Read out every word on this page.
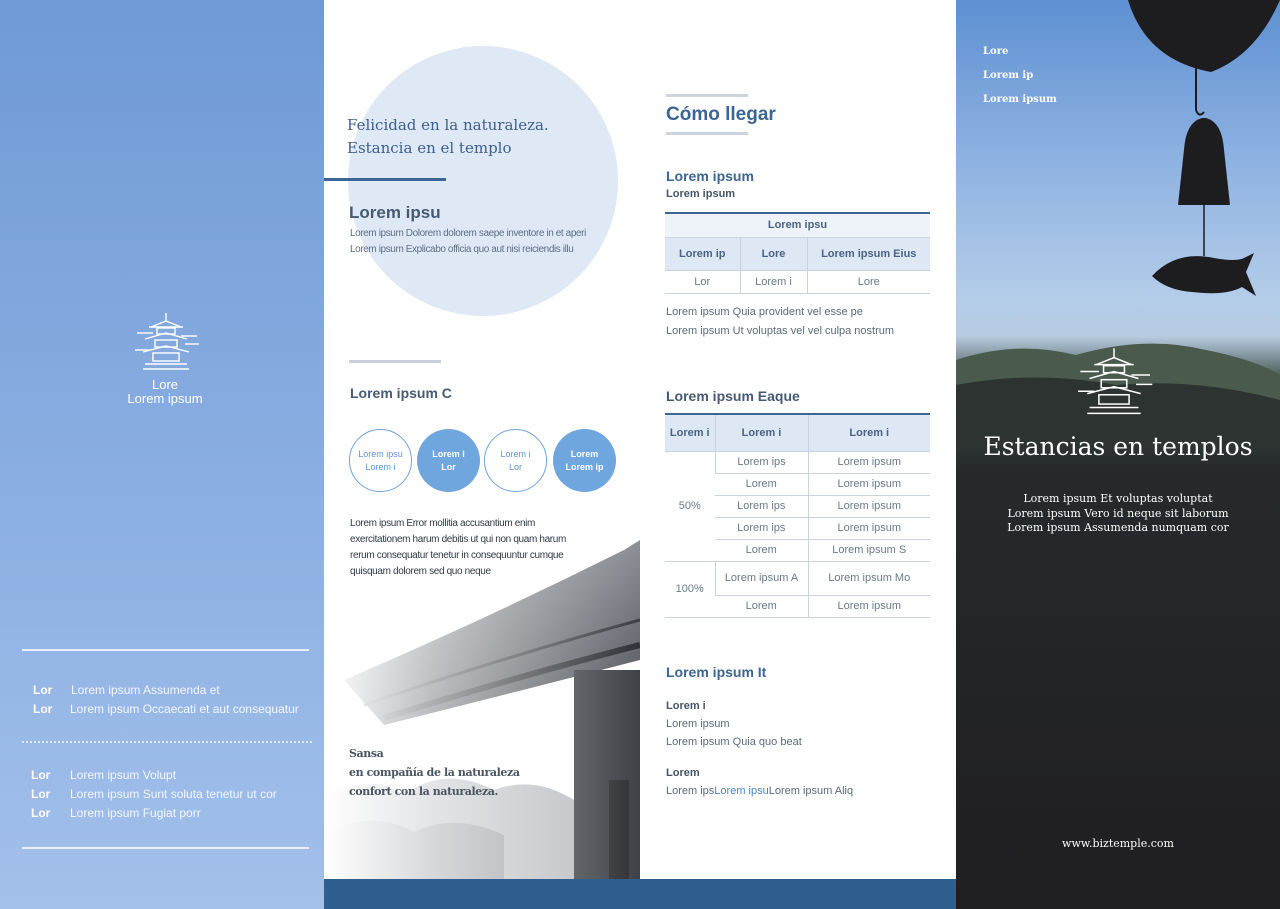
Lore
Lorem ipsum
Lor Lorem ipsum Assumenda et
Lor Lorem ipsum Occaecati et aut consequatur
Lor Lorem ipsum Volupt
Lor Lorem ipsum Sunt soluta tenetur ut cor
Lor Lorem ipsum Fugiat porr
Felicidad en la naturaleza.
Estancia en el templo
Lorem ipsu
Lorem ipsum Dolorem dolorem saepe inventore in et aperi
Lorem ipsum Explicabo officia quo aut nisi reiciendis illu
Lorem ipsum C
Lorem ipsu
Lorem i
Lorem I
Lor
Lorem i
Lor
Lorem
Lorem ip
Lorem ipsum Error mollitia accusantium enim
exercitationem harum debitis ut qui non quam harum
rerum consequatur tenetur in consequuntur cumque
quisquam dolorem sed quo neque
Sansa
en compañía de la naturaleza
confort con la naturaleza.
Cómo llegar
Lorem ipsum
Lorem ipsum
Lorem ipsu		
Lorem ip	Lore	Lorem ipsum Eius
Lor	Lorem i	Lore
Lorem ipsum Quia provident vel esse pe
Lorem ipsum Ut voluptas vel vel culpa nostrum
Lorem ipsum Eaque
Lorem i	Lorem i	Lorem i
50%	Lorem ips	Lorem ipsum
	Lorem	Lorem ipsum
	Lorem ips	Lorem ipsum
	Lorem ips	Lorem ipsum
	Lorem	Lorem ipsum S
100%	Lorem ipsum A	Lorem ipsum Mo
	Lorem	Lorem ipsum
Lorem ipsum It
Lorem i
Lorem ipsum
Lorem ipsum Quia quo beat
Lorem
Lorem ipsLorem ipsuLorem ipsum Aliq
Lore
Lorem ip
Lorem ipsum
Estancias en templos
Lorem ipsum Et voluptas voluptat
Lorem ipsum Vero id neque sit laborum
Lorem ipsum Assumenda numquam cor
www.biztemple.com
